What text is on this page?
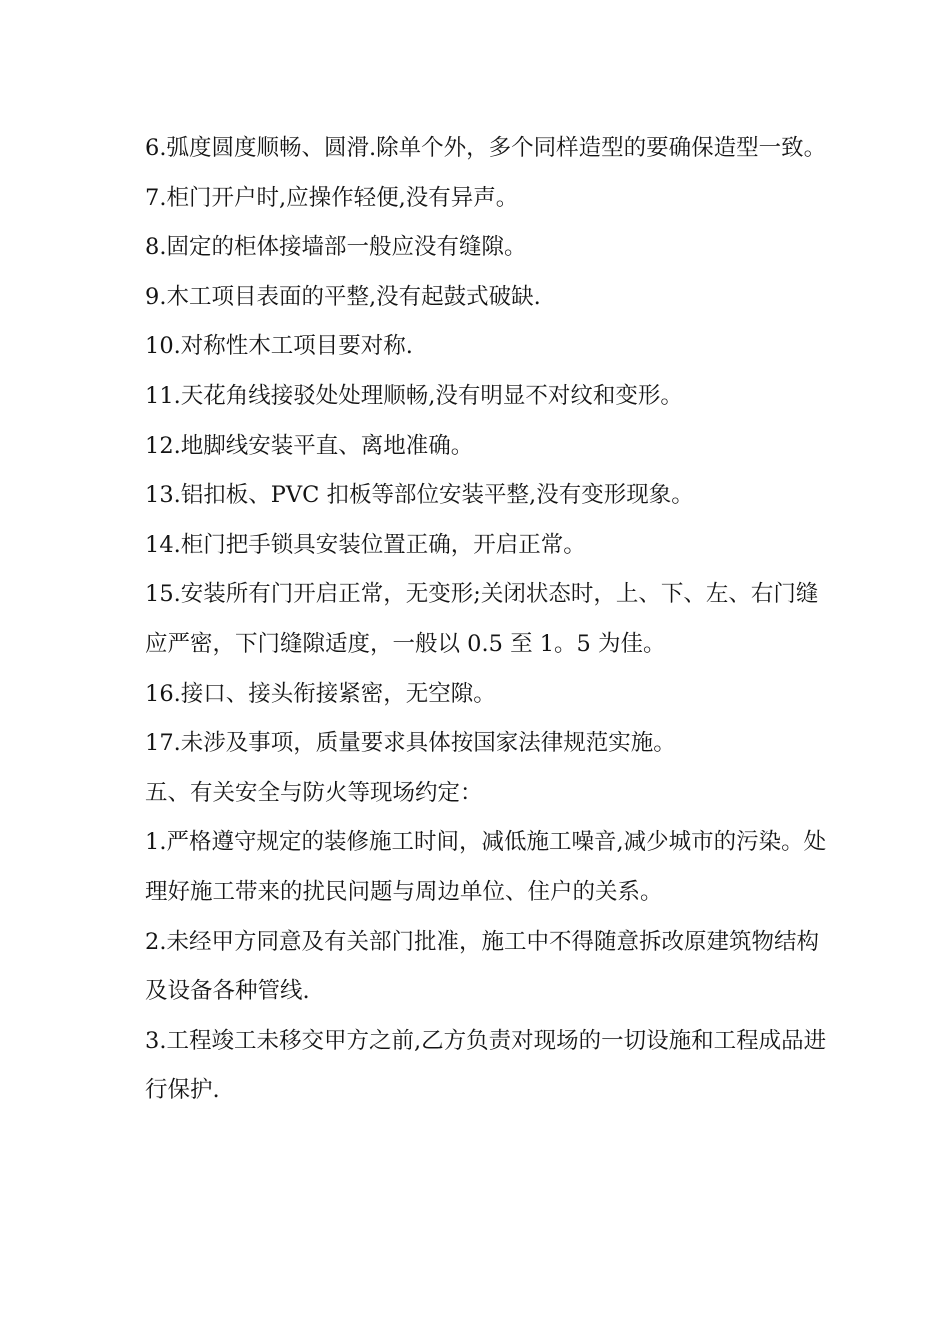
6.弧度圆度顺畅、圆滑.除单个外，多个同样造型的要确保造型一致。

7.柜门开户时,应操作轻便,没有异声。

8.固定的柜体接墙部一般应没有缝隙。

9.木工项目表面的平整,没有起鼓式破缺.

10.对称性木工项目要对称.

11.天花角线接驳处处理顺畅,没有明显不对纹和变形。

12.地脚线安装平直、离地准确。

13.铝扣板、PVC 扣板等部位安装平整,没有变形现象。

14.柜门把手锁具安装位置正确，开启正常。

15.安装所有门开启正常，无变形;关闭状态时，上、下、左、右门缝应严密，下门缝隙适度，一般以 0.5 至 1。5 为佳。

16.接口、接头衔接紧密，无空隙。

17.未涉及事项，质量要求具体按国家法律规范实施。

五、有关安全与防火等现场约定：

1.严格遵守规定的装修施工时间，减低施工噪音,减少城市的污染。处理好施工带来的扰民问题与周边单位、住户的关系。

2.未经甲方同意及有关部门批准，施工中不得随意拆改原建筑物结构及设备各种管线.

3.工程竣工未移交甲方之前,乙方负责对现场的一切设施和工程成品进行保护.
